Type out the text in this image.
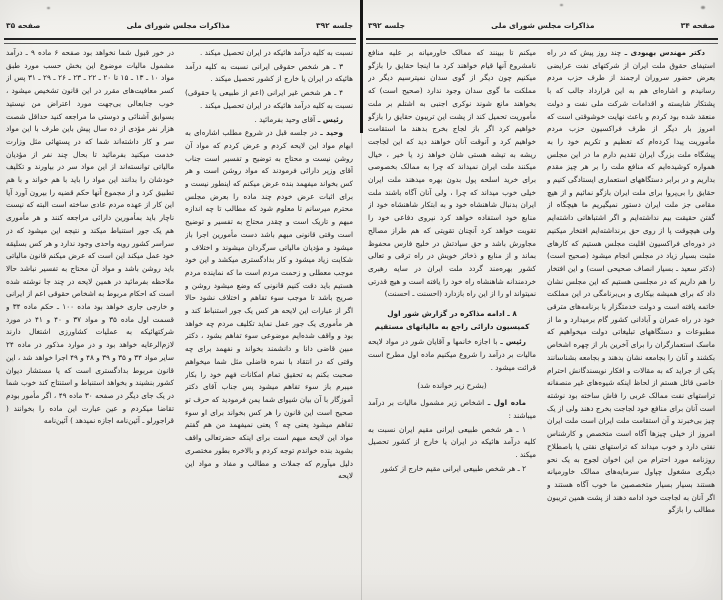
صفحه ۳۴
مذاکرات مجلس شورای ملی
جلسه ۳۹۲
دکتر مهندس بهبودی ـ چند روز پیش که در راه استیفای حقوق ملت ایران از شرکتهای نفت عرایضی بعرض حضور سروران ارجمند از طرف حزب مردم رسانیدم و اشاره‌ای هم به این قرارداد جالب که با پشتکار شایسته و اقدامات شرکت ملی نفت و دولت منعقد شده بود کردم و باعث نهایت خوشوقتی است که امروز بار دیگر از طرف فراکسیون حزب مردم مأموریت پیدا کرده‌ام که تعظیم و تکریم خود را به پیشگاه ملت بزرگ ایران تقدیم دارم ما در این مجلس همواره کوشیده‌ایم که منافع ملت را بر هر چیز مقدم بداریم و در برابر دستگاههای استعماری ایستادگی کنیم و حقایق را بی‌پروا برای ملت ایران بازگو نمائیم و از هیچ مقامی جز ملت ایران دستور نمیگیریم ما هیچگاه از گفتن حقیقت بیم نداشته‌ایم و اگر اشتباهاتی داشته‌ایم ولی هیچوقت پا از روی حق برنداشته‌ایم افتخار میکنیم در دوره‌ای فراکسیون اقلیت مجلس هستیم که کارهای مثبت بسیار زیاد در مجلس انجام میشود (صحیح است) (دکتر سعید ـ بسیار انصاف صحیحی است) و این افتخار را هم داریم که در مجلسی هستیم که این مجلس نشان داد که برای همیشه بیکاری و بی‌برنامگی در این مملکت خاتمه یافته است و دولت خدمتگزار با برنامه‌های مترقی خود در راه عمران و آبادانی کشور گام برمیدارد و ما از مطبوعات و دستگاههای تبلیغاتی دولت میخواهیم که ماسک استعمارگران را برای آخرین بار از چهره اشخاص بکشند و آنان را بجامعه نشان بدهند و بجامعه بشناسانند یکی از جراید که به مقالات و افکار نویسندگانش احترام خاصی قائل هستم از لحاظ اینکه شیوه‌های غیر منصفانه تراستهای نفت ممالک غربی را فاش ساخته بود نوشته است آنان برای منافع خود لجاجت بخرج دهند ولی از یک چیز بی‌خبرند و آن استقامت ملت ایران است ملت ایران امروز از خیلی چیزها آگاه است متخصص و کارشناس نفتی دارد و خوب میداند که تراستهای نفتی یا باصطلاح روزنامه مورد احترام من این اخوان لجوج به یک نحو دیگری مشغول چپاول سرمایه‌های ممالک خاورمیانه هستند بسیار بسیار متخصصین ما خوب آگاه هستند و اگر آنان به لجاجت خود ادامه دهند از پشت همین تریبون مطالب را بازگو
میکنم تا ببینند که ممالک خاورمیانه بر علیه منافع نامشروع آنها قیام خواهند کرد ما اینجا حقایق را بازگو میکنیم چون دیگر از گوی سدان نمیترسیم دیگر در مملکت ما گوی سدان وجود ندارد (صحیح است) که بخواهند مانع شوند نوکری اجنبی به اشتلم بر ملت مأموریت تحمیل کند از پشت این تریبون حقایق را بازگو خواهیم کرد اگر باز لجاج بخرج بدهند ما استقامت خواهیم کرد و آنوقت آنان خواهند دید که این لجاجت ریشه به تیشه هستی شان خواهد زد یا خیر ، خیال میکنند ملت ایران نمیداند که چرا به ممالک بخصوصی برای خرید اسلحه پول بدون بهره میدهند ملت ایران خیلی خوب میداند که چرا ، ولی آنان آگاه باشند ملت ایران بدنبال شاهنشاه خود و به ابتکار شاهنشاه خود از منابع خود استفاده خواهد کرد نیروی دفاعی خود را تقویت خواهد کرد آنچنان تقویتی که هم طراز مصالح مجاورش باشد و حق سیادتش در خلیج فارس محفوظ بماند و از منابع و ذخائر خویش در راه ترقی و تعالی کشور بهره‌مند گردد ملت ایران در سایه رهبری خردمندانه شاهنشاه راه خود را یافته است و هیچ قدرتی نمیتواند او را از این راه بازدارد (احسنت ـ احسنت)
۸ ـ ادامه مذاکره در گزارش شور اول کمیسیون دارائی راجع به مالیاتهای مستقیم
رئیس ـ با اجازه خانمها و آقایان شور در مواد لایحه مالیات بر درآمد را شروع میکنیم ماده اول مطرح است قرائت میشود .
(بشرح زیر خوانده شد)
ماده اول ـ اشخاص زیر مشمول مالیات بر درآمد میباشند :
۱ ـ هر شخص طبیعی ایرانی مقیم ایران نسبت به کلیه درآمد هائیکه در ایران یا خارج از کشور تحصیل میکند .
۲ ـ هر شخص طبیعی ایرانی مقیم خارج از کشور
جلسه ۳۹۲
مذاکرات مجلس شورای ملی
صفحه ۳۵
نسبت به کلیه درآمد هائیکه در ایران تحصیل میکند .
۳ ـ هر شخص حقوقی ایرانی نسبت به کلیه درآمد هائیکه در ایران یا خارج از کشور تحصیل میکند .
۴ ـ هر شخص غیر ایرانی (اعم از طبیعی یا حقوقی) نسبت به کلیه درآمد هائیکه در ایران تحصیل میکند .
رئیس ـ آقای وحید بفرمائید .
وحید ـ در جلسه قبل در شروع مطلب اشاره‌ای به ابهام مواد این لایحه کردم و عرض کردم که مواد آن روشن نیست و محتاج به توضیح و تفسیر است جناب آقای وزیر دارائی فرمودند که مواد روشن است و هر کس بخواند میفهمد بنده عرض میکنم که اینطور نیست و برای اثبات عرض خودم چند ماده را بعرض مجلس محترم میرسانم تا معلوم شود که مطالب تا چه اندازه مبهم و تاریک است و چقدر محتاج به تفسیر و توضیح است وقتی قانونی مبهم باشد دست مأمورین اجرا باز میشود و مؤدیان مالیاتی سرگردان میشوند و اختلاف و شکایت زیاد میشود و کار بدادگستری میکشد و این خود موجب معطلی و زحمت مردم است ما که نماینده مردم هستیم باید دقت کنیم قانونی که وضع میشود روشن و صریح باشد تا موجب سوء تفاهم و اختلاف نشود حالا اگر از عبارات این لایحه هر کس یک جور استنباط کند و هر مأموری یک جور عمل نماید تکلیف مردم چه خواهد بود و واقف شده‌ایم موضوعی سوء تفاهم بشود ، دکتر مبین قاضی دانا و دانشمند بخواند و نفهمد برای چه وقتی که در انتقاد با نمره فاضلی مثل شما میخواهم صحبت بکنم به تحقیق تمام امکانات فهم خود را بکار میبرم باز سوء تفاهم میشود پس جناب آقای دکتر آموزگار با آن بیان شیوای شما یمن فرمودید که حرف تو صحیح است این قانون را هر کس بخواند برای او سوء تفاهم میشود یعنی چه ؟ یعنی نمیفهمد من هم گفتم مواد این لایحه مبهم است برای اینکه حضرتعالی واقف بشوید بنده خواندم توجه کردم و بالاخره بطور مختصری دلیل میآورم که جملات و مطالب و مفاد و مواد این لایحه
در خور قبول شما نخواهد بود صفحه ۶ ماده ۹ ـ درآمد مشمول مالیات موضوع این بخش حسب مورد طبق مواد ۱۰ ـ ۱۳ ـ ۱۵ تا ۲۰ ـ ۲۲ ـ ۲۳ ـ ۲۶ ـ ۲۹ ـ ۳۱ پس از کسر معافیت‌های مقرر در این قانون تشخیص میشود ، خوب جنابعالی بی‌جهت مورد اعتراض من نیستید بسوابق آشنائی و دوستی ما مراجعه کنید حداقل شصت هزار نفر مؤدی از ده سال پیش باین طرف با این مواد سر و کار داشته‌اند شما که در پستهائی مثل وزارت خدمت میکنید بفرمائید تا بحال چند نفر از مؤدیان مالیاتی توانسته‌اند از این مواد سر در بیاورند و تکلیف خودشان را بدانند این مواد را باید با هم خواند و با هم تطبیق کرد و از مجموع آنها حکم قضیه را بیرون آورد آیا این کار از عهده مردم عادی ساخته است البته که نیست ناچار باید بمأمورین دارائی مراجعه کنند و هر مأموری هم یک جور استنباط میکند و نتیجه این میشود که در سراسر کشور رویه واحدی وجود ندارد و هر کس بسلیقه خود عمل میکند این است که عرض میکنم قانون مالیاتی باید روشن باشد و مواد آن محتاج به تفسیر نباشد حالا ملاحظه بفرمائید در همین لایحه در چند جا نوشته شده است که احکام مربوط به اشخاص حقوقی اعم از ایرانی و خارجی جاری خواهد بود ماده ۱۰۰ ـ حکم ماده ۳۴ و قسمت اول ماده ۳۵ و مواد ۳۷ و ۴۰ و ۴۱ در مورد شرکتهائیکه به عملیات کشاورزی اشتغال دارند لازم‌الرعایه خواهد بود و در موارد مذکور در ماده ۲۴ سایر مواد ۳۴ و ۳۵ و ۳۹ و ۴۸ و ۴۹ اجرا خواهد شد ، این قانون مربوط بدادگستری است که یا مستشار دیوان کشور بنشیند و بخواهد استنباط و استنتاج کند خوب شما در یک جای دیگر در صفحه ۳۰ ماده ۴۹ ، اگر مأمور بودم تقاضا میکردم و عین عبارت این ماده را بخوانند ( قراجورلو ـ آئین‌نامه اجازه نمیدهد ) آئین‌نامه
